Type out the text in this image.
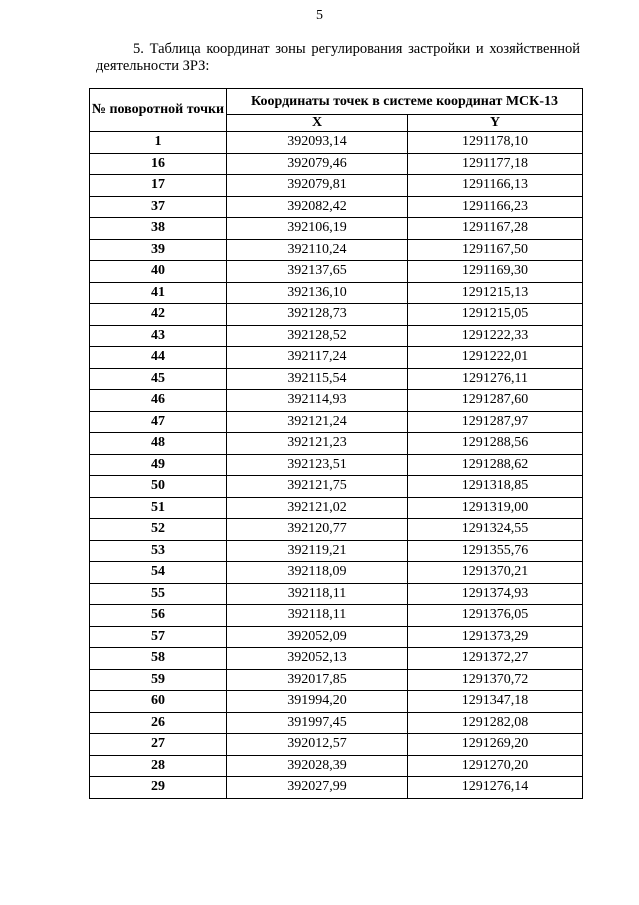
5
5. Таблица координат зоны регулирования застройки и хозяйственной деятельности ЗРЗ:
№ поворотной точки	Координаты точек в системе координат МСК-13	
	X	Y
1	392093,14	1291178,10
16	392079,46	1291177,18
17	392079,81	1291166,13
37	392082,42	1291166,23
38	392106,19	1291167,28
39	392110,24	1291167,50
40	392137,65	1291169,30
41	392136,10	1291215,13
42	392128,73	1291215,05
43	392128,52	1291222,33
44	392117,24	1291222,01
45	392115,54	1291276,11
46	392114,93	1291287,60
47	392121,24	1291287,97
48	392121,23	1291288,56
49	392123,51	1291288,62
50	392121,75	1291318,85
51	392121,02	1291319,00
52	392120,77	1291324,55
53	392119,21	1291355,76
54	392118,09	1291370,21
55	392118,11	1291374,93
56	392118,11	1291376,05
57	392052,09	1291373,29
58	392052,13	1291372,27
59	392017,85	1291370,72
60	391994,20	1291347,18
26	391997,45	1291282,08
27	392012,57	1291269,20
28	392028,39	1291270,20
29	392027,99	1291276,14
